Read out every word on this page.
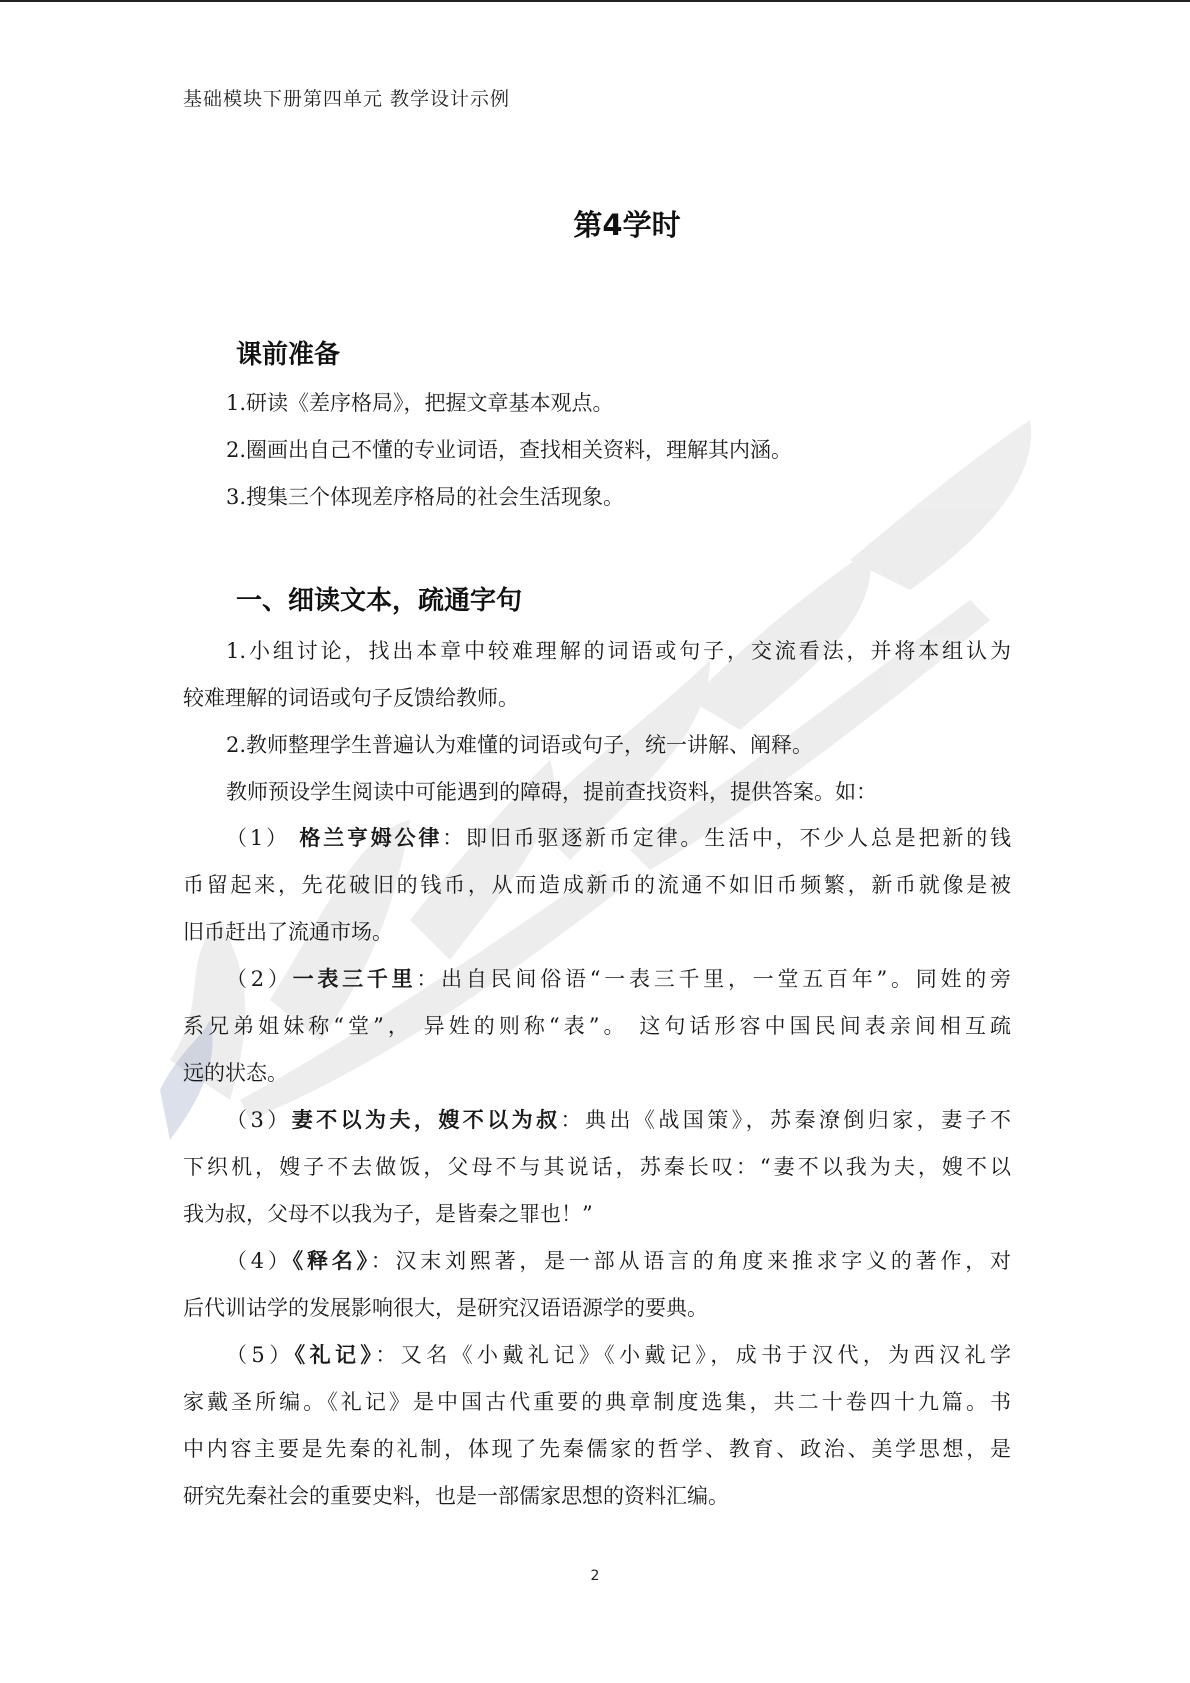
基础模块下册第四单元 教学设计示例
第4学时
课前准备
1.研读《差序格局》，把握文章基本观点。
2.圈画出自己不懂的专业词语，查找相关资料，理解其内涵。
3.搜集三个体现差序格局的社会生活现象。
一、细读文本，疏通字句
1.小组讨论，找出本章中较难理解的词语或句子，交流看法，并将本组认为
较难理解的词语或句子反馈给教师。
2.教师整理学生普遍认为难懂的词语或句子，统一讲解、阐释。
教师预设学生阅读中可能遇到的障碍，提前查找资料，提供答案。如：
（1） 格兰亨姆公律：即旧币驱逐新币定律。生活中，不少人总是把新的钱
币留起来，先花破旧的钱币，从而造成新币的流通不如旧币频繁，新币就像是被
旧币赶出了流通市场。
（2）一表三千里：出自民间俗语“一表三千里，一堂五百年”。同姓的旁
系兄弟姐妹称“堂”， 异姓的则称“表”。 这句话形容中国民间表亲间相互疏
远的状态。
（3）妻不以为夫，嫂不以为叔：典出《战国策》，苏秦潦倒归家，妻子不
下织机，嫂子不去做饭，父母不与其说话，苏秦长叹：“妻不以我为夫，嫂不以
我为叔，父母不以我为子，是皆秦之罪也！”
（4）《释名》：汉末刘熙著，是一部从语言的角度来推求字义的著作，对
后代训诂学的发展影响很大，是研究汉语语源学的要典。
（5）《礼记》：又名《小戴礼记》《小戴记》，成书于汉代，为西汉礼学
家戴圣所编。《礼记》是中国古代重要的典章制度选集，共二十卷四十九篇。书
中内容主要是先秦的礼制，体现了先秦儒家的哲学、教育、政治、美学思想，是
研究先秦社会的重要史料，也是一部儒家思想的资料汇编。
2
